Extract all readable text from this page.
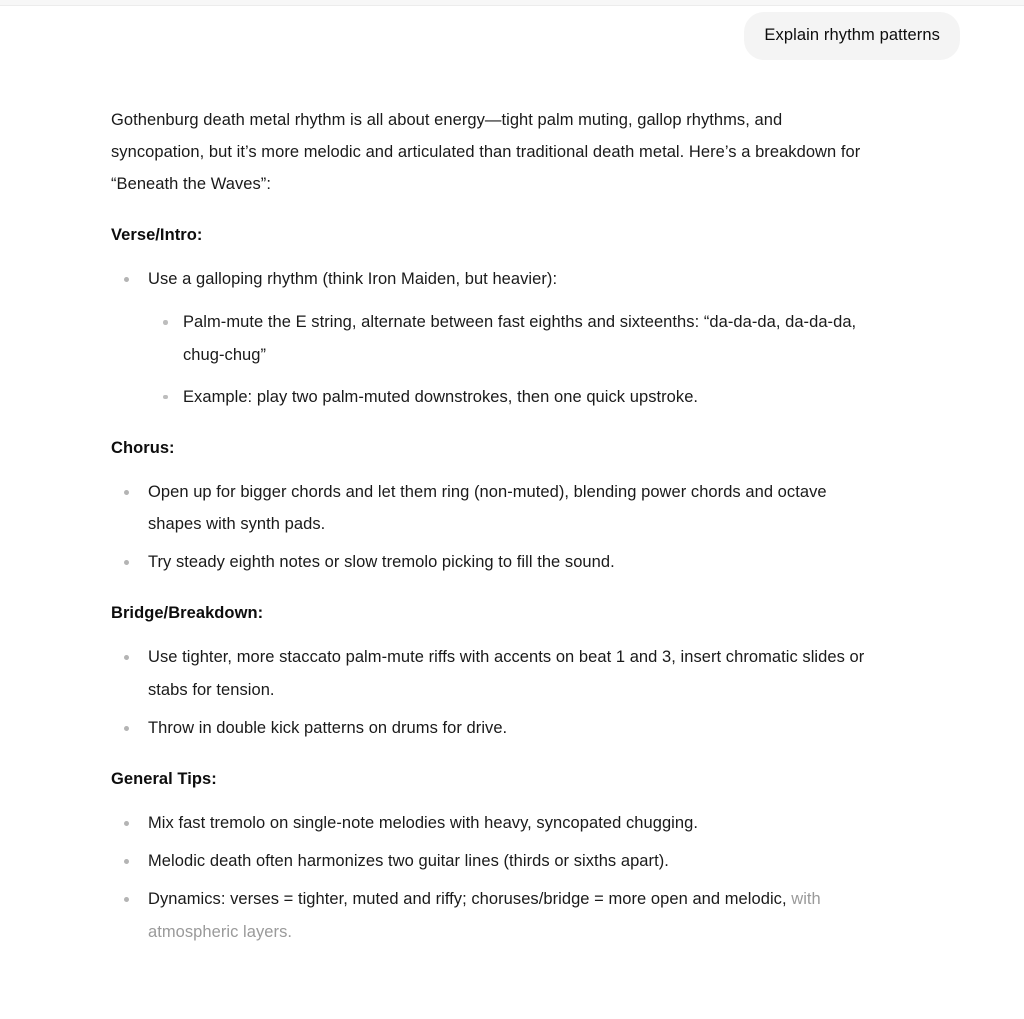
Explain rhythm patterns

Gothenburg death metal rhythm is all about energy—tight palm muting, gallop rhythms, and syncopation, but it’s more melodic and articulated than traditional death metal. Here’s a breakdown for “Beneath the Waves”:

Verse/Intro:
Use a galloping rhythm (think Iron Maiden, but heavier):
Palm-mute the E string, alternate between fast eighths and sixteenths: “da-da-da, da-da-da, chug-chug”
Example: play two palm-muted downstrokes, then one quick upstroke.
Chorus:
Open up for bigger chords and let them ring (non-muted), blending power chords and octave shapes with synth pads.
Try steady eighth notes or slow tremolo picking to fill the sound.
Bridge/Breakdown:
Use tighter, more staccato palm-mute riffs with accents on beat 1 and 3, insert chromatic slides or stabs for tension.
Throw in double kick patterns on drums for drive.
General Tips:
Mix fast tremolo on single-note melodies with heavy, syncopated chugging.
Melodic death often harmonizes two guitar lines (thirds or sixths apart).
Dynamics: verses = tighter, muted and riffy; choruses/bridge = more open and melodic, with atmospheric layers.
